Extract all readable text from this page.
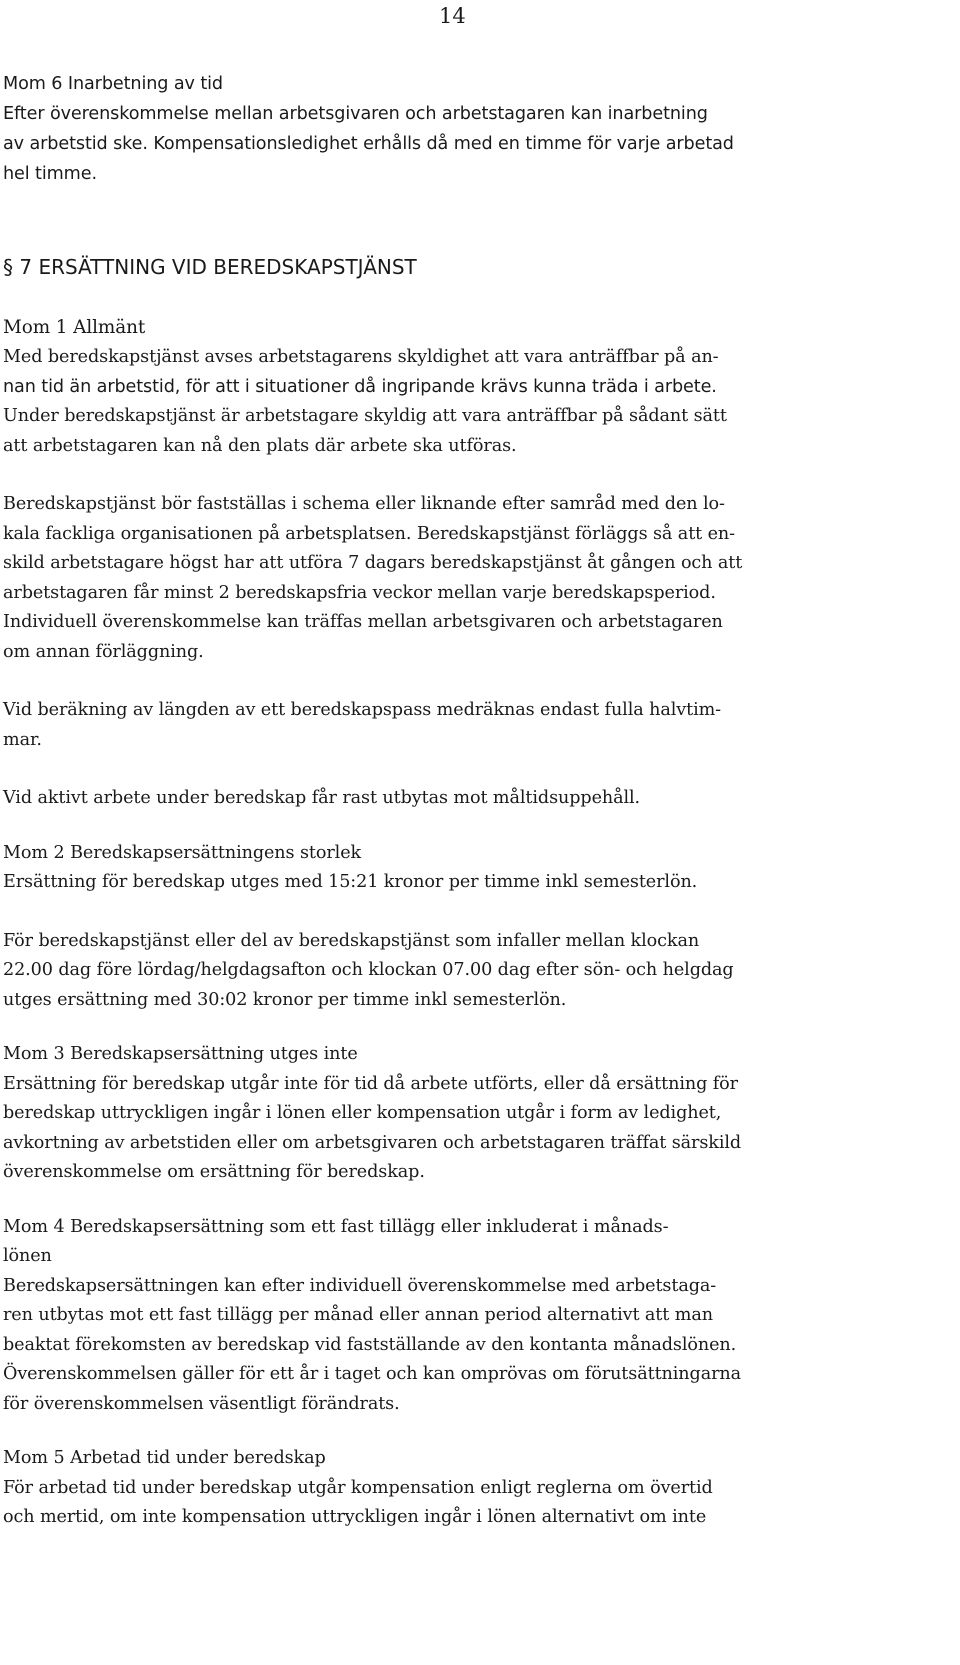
14
Mom 6 Inarbetning av tid
Efter överenskommelse mellan arbetsgivaren och arbetstagaren kan inarbetning
av arbetstid ske. Kompensationsledighet erhålls då med en timme för varje arbetad
hel timme.
§ 7 ERSÄTTNING VID BEREDSKAPSTJÄNST
Mom 1 Allmänt
Med beredskapstjänst avses arbetstagarens skyldighet att vara anträffbar på an-
nan tid än arbetstid, för att i situationer då ingripande krävs kunna träda i arbete.
Under beredskapstjänst är arbetstagare skyldig att vara anträffbar på sådant sätt
att arbetstagaren kan nå den plats där arbete ska utföras.
Beredskapstjänst bör fastställas i schema eller liknande efter samråd med den lo-
kala fackliga organisationen på arbetsplatsen. Beredskapstjänst förläggs så att en-
skild arbetstagare högst har att utföra 7 dagars beredskapstjänst åt gången och att
arbetstagaren får minst 2 beredskapsfria veckor mellan varje beredskapsperiod.
Individuell överenskommelse kan träffas mellan arbetsgivaren och arbetstagaren
om annan förläggning.
Vid beräkning av längden av ett beredskapspass medräknas endast fulla halvtim-
mar.
Vid aktivt arbete under beredskap får rast utbytas mot måltidsuppehåll.
Mom 2 Beredskapsersättningens storlek
Ersättning för beredskap utges med 15:21 kronor per timme inkl semesterlön.
För beredskapstjänst eller del av beredskapstjänst som infaller mellan klockan
22.00 dag före lördag/helgdagsafton och klockan 07.00 dag efter sön- och helgdag
utges ersättning med 30:02 kronor per timme inkl semesterlön.
Mom 3 Beredskapsersättning utges inte
Ersättning för beredskap utgår inte för tid då arbete utförts, eller då ersättning för
beredskap uttryckligen ingår i lönen eller kompensation utgår i form av ledighet,
avkortning av arbetstiden eller om arbetsgivaren och arbetstagaren träffat särskild
överenskommelse om ersättning för beredskap.
Mom 4 Beredskapsersättning som ett fast tillägg eller inkluderat i månads-
lönen
Beredskapsersättningen kan efter individuell överenskommelse med arbetstaga-
ren utbytas mot ett fast tillägg per månad eller annan period alternativt att man
beaktat förekomsten av beredskap vid fastställande av den kontanta månadslönen.
Överenskommelsen gäller för ett år i taget och kan omprövas om förutsättningarna
för överenskommelsen väsentligt förändrats.
Mom 5 Arbetad tid under beredskap
För arbetad tid under beredskap utgår kompensation enligt reglerna om övertid
och mertid, om inte kompensation uttryckligen ingår i lönen alternativt om inte
